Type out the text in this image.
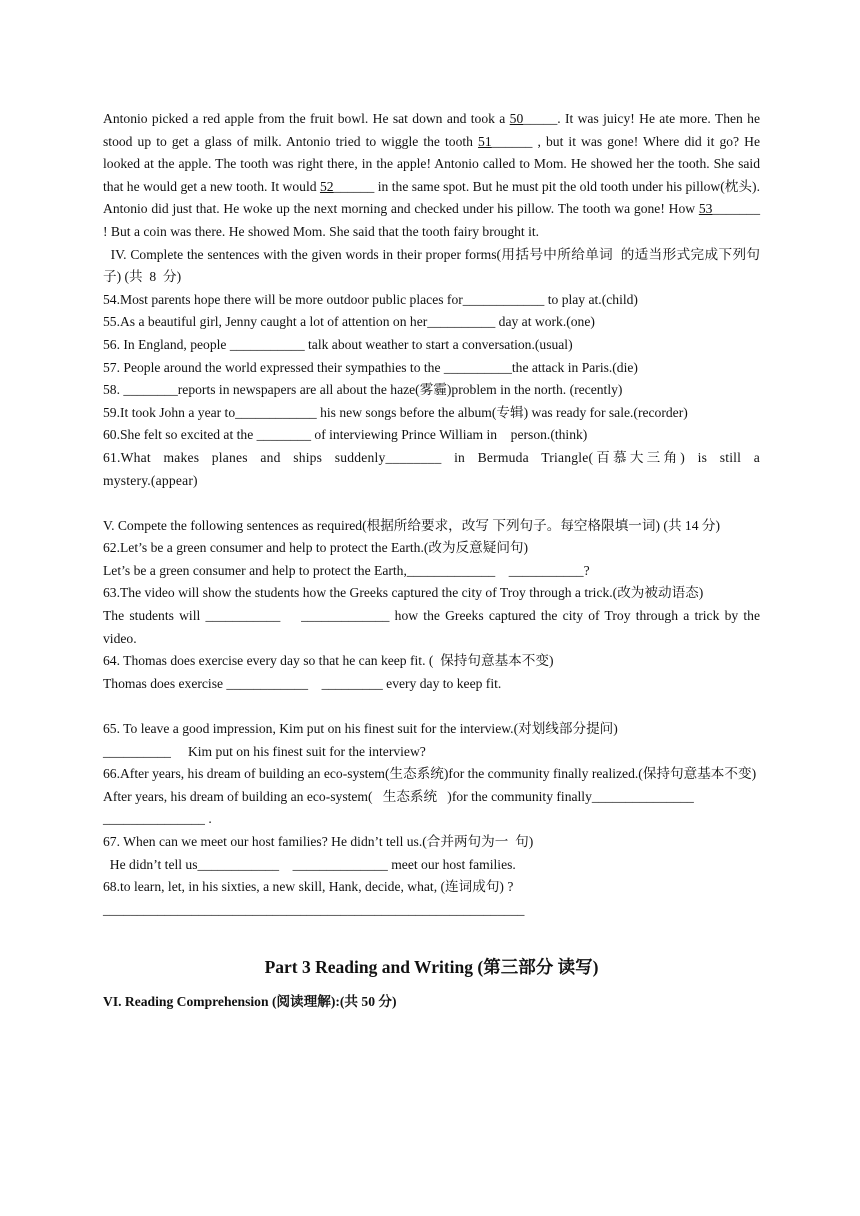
Antonio picked a red apple from the fruit bowl. He sat down and took a 50_____. It was juicy! He ate more. Then he stood up to get a glass of milk. Antonio tried to wiggle the tooth 51______ , but it was gone! Where did it go? He looked at the apple. The tooth was right there, in the apple! Antonio called to Mom. He showed her the tooth. She said that he would get a new tooth. It would 52______ in the same spot. But he must pit the old tooth under his pillow(枕头). Antonio did just that. He woke up the next morning and checked under his pillow. The tooth wa gone! How 53_______ ! But a coin was there. He showed Mom. She said that the tooth fairy brought it.

IV. Complete the sentences with the given words in their proper forms(用括号中所给单词  的适当形式完成下列句子) (共  8  分)

54.Most parents hope there will be more outdoor public places for____________ to play at.(child)

55.As a beautiful girl, Jenny caught a lot of attention on her__________ day at work.(one)

56. In England, people ___________ talk about weather to start a conversation.(usual)

57. People around the world expressed their sympathies to the __________the attack in Paris.(die)

58. ________reports in newspapers are all about the haze(雾霾)problem in the north. (recently)

59.It took John a year to____________ his new songs before the album(专辑) was ready for sale.(recorder)

60.She felt so excited at the ________ of interviewing Prince William in    person.(think)

61.What makes planes and ships suddenly________ in Bermuda Triangle(百慕大三角) is still a mystery.(appear)

V. Compete the following sentences as required(根据所给要求，改写 下列句子。每空格限填一词) (共 14 分)

62.Let’s be a green consumer and help to protect the Earth.(改为反意疑问句)

Let’s be a green consumer and help to protect the Earth,_____________    ___________?

63.The video will show the students how the Greeks captured the city of Troy through a trick.(改为被动语态)

The students will ___________    _____________ how the Greeks captured the city of Troy through a trick by the video.

64. Thomas does exercise every day so that he can keep fit. (  保持句意基本不变)

Thomas does exercise ____________    _________ every day to keep fit.

65. To leave a good impression, Kim put on his finest suit for the interview.(对划线部分提问)

__________     Kim put on his finest suit for the interview?

66.After years, his dream of building an eco-system(生态系统)for the community finally realized.(保持句意基本不变)

After years, his dream of building an eco-system(   生态系统   )for the community finally_______________

_______________ .

67. When can we meet our host families? He didn’t tell us.(合并两句为一  句)

He didn’t tell us____________    ______________ meet our host families.

68.to learn, let, in his sixties, a new skill, Hank, decide, what, (连词成句) ?

______________________________________________________________

Part 3 Reading and Writing (第三部分 读写)

VI. Reading Comprehension (阅读理解):(共 50 分)
